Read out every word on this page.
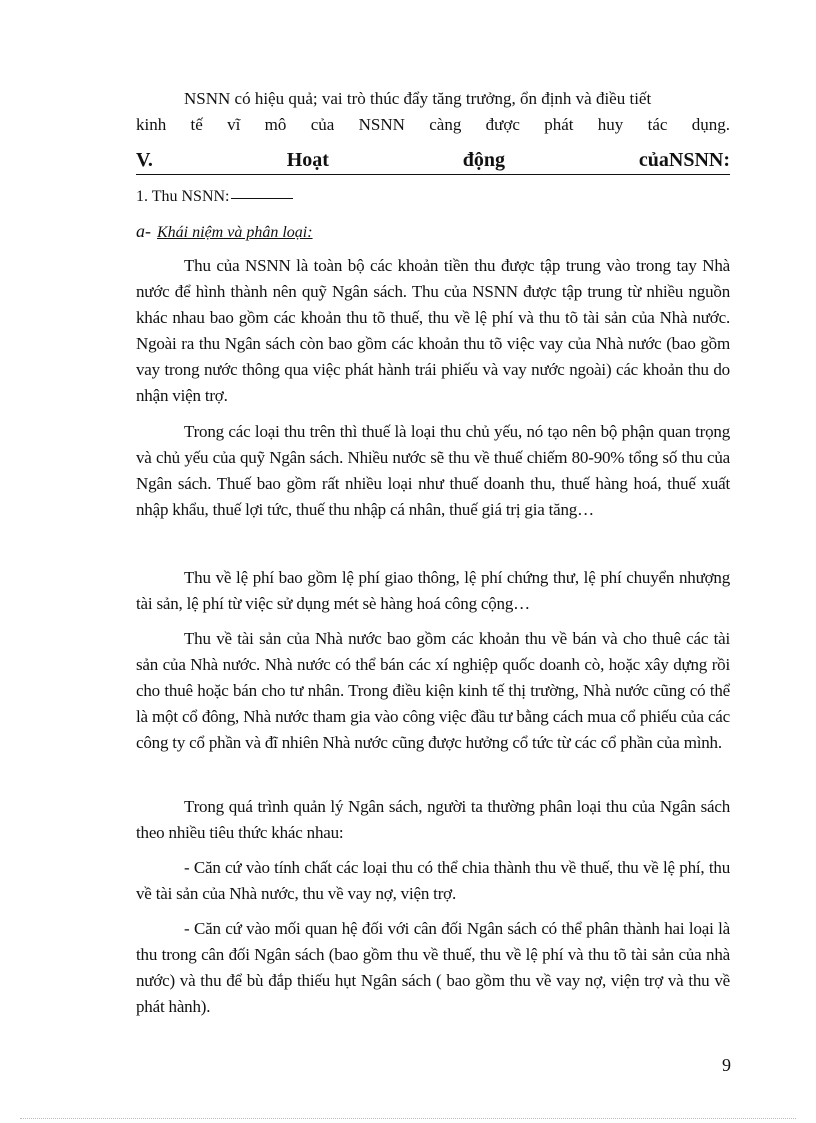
NSNN có hiệu quả; vai trò thúc đẩy tăng trưởng, ổn định và điều tiết

kinh tế vĩ mô của NSNN càng được phát huy tác dụng.

V.	Hoạt	động	củaNSNN:
1. Thu NSNN:
a- Khái niệm và phân loại:

Thu của NSNN là toàn bộ các khoản tiền thu được tập trung vào trong tay Nhà nước để hình thành nên quỹ Ngân sách. Thu của NSNN được tập trung từ nhiều nguồn khác nhau bao gồm các khoản thu tõ thuế, thu về lệ phí và thu tõ tài sản của Nhà nước. Ngoài ra thu Ngân sách còn bao gồm các khoản thu tõ việc vay của Nhà nước (bao gồm vay trong nước thông qua việc phát hành trái phiếu và vay nước ngoài) các khoản thu do nhận viện trợ.

Trong các loại thu trên thì thuế là loại thu chủ yếu, nó tạo nên bộ phận quan trọng và chủ yếu của quỹ Ngân sách. Nhiều nước sẽ thu về thuế chiếm 80-90% tổng số thu của Ngân sách. Thuế bao gồm rất nhiều loại như thuế doanh thu, thuế hàng hoá, thuế xuất nhập khẩu, thuế lợi tức, thuế thu nhập cá nhân, thuế giá trị gia tăng…

Thu về lệ phí bao gồm lệ phí giao thông, lệ phí chứng thư, lệ phí chuyển nhượng tài sản, lệ phí từ việc sử dụng mét sè hàng hoá công cộng…

Thu về tài sản của Nhà nước bao gồm các khoản thu về bán và cho thuê các tài sản của Nhà nước. Nhà nước có thể bán các xí nghiệp quốc doanh cò, hoặc xây dựng rồi cho thuê hoặc bán cho tư nhân. Trong điều kiện kinh tế thị trường, Nhà nước cũng có thể là một cổ đông, Nhà nước tham gia vào công việc đầu tư bằng cách mua cổ phiếu của các công ty cổ phần và đĩ nhiên Nhà nước cũng được hưởng cổ tức từ các cổ phần của mình.

Trong quá trình quản lý Ngân sách, người ta thường phân loại thu của Ngân sách theo nhiều tiêu thức khác nhau:

- Căn cứ vào tính chất các loại thu có thể chia thành thu về thuế, thu về lệ phí, thu về tài sản của Nhà nước, thu về vay nợ, viện trợ.

- Căn cứ vào mối quan hệ đối với cân đối Ngân sách có thể phân thành hai loại là thu trong cân đối Ngân sách (bao gồm thu về thuế, thu về lệ phí và thu tõ tài sản của nhà nước) và thu để bù đắp thiếu hụt Ngân sách ( bao gồm thu về vay nợ, viện trợ và thu về phát hành).

9
